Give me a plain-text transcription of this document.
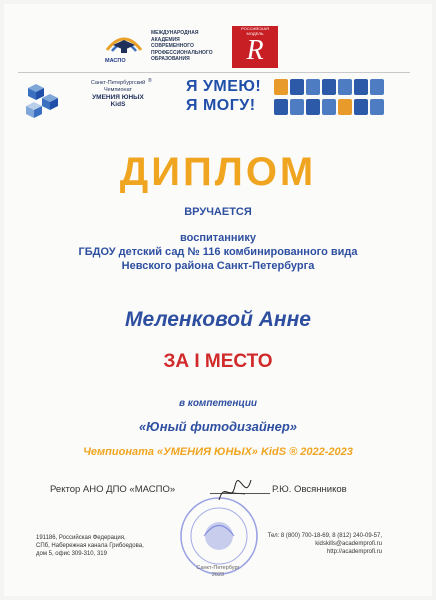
МАСПО
МЕЖДУНАРОДНАЯ
АКАДЕМИЯ
СОВРЕМЕННОГО
ПРОФЕССИОНАЛЬНОГО
ОБРАЗОВАНИЯ	R
РОССИЙСКАЯ МОДЕЛЬ
Санкт-Петербургский
Чемпионат
УМЕНИЯ ЮНЫХ
KidS
® Я УМЕЮ!
Я МОГУ!
ДИПЛОМ
ВРУЧАЕТСЯ
воспитаннику
ГБДОУ детский сад № 116 комбинированного вида
Невского района Санкт-Петербурга
Меленковой Анне
ЗА I МЕСТО
в компетенции
«Юный фитодизайнер»
Чемпионата «УМЕНИЯ ЮНЫХ» KidS ® 2022-2023
Ректор АНО ДПО «МАСПО»	Р.Ю. Овсянников
191186, Российская Федерация,
СПб, Набережная канала Грибоедова,
дом 5, офис 309-310, 319
Тел: 8 (800) 700-18-69, 8 (812) 240-09-57,
kidskills@academprofi.ru
http://academprofi.ru
Санкт-Петербург
2023
